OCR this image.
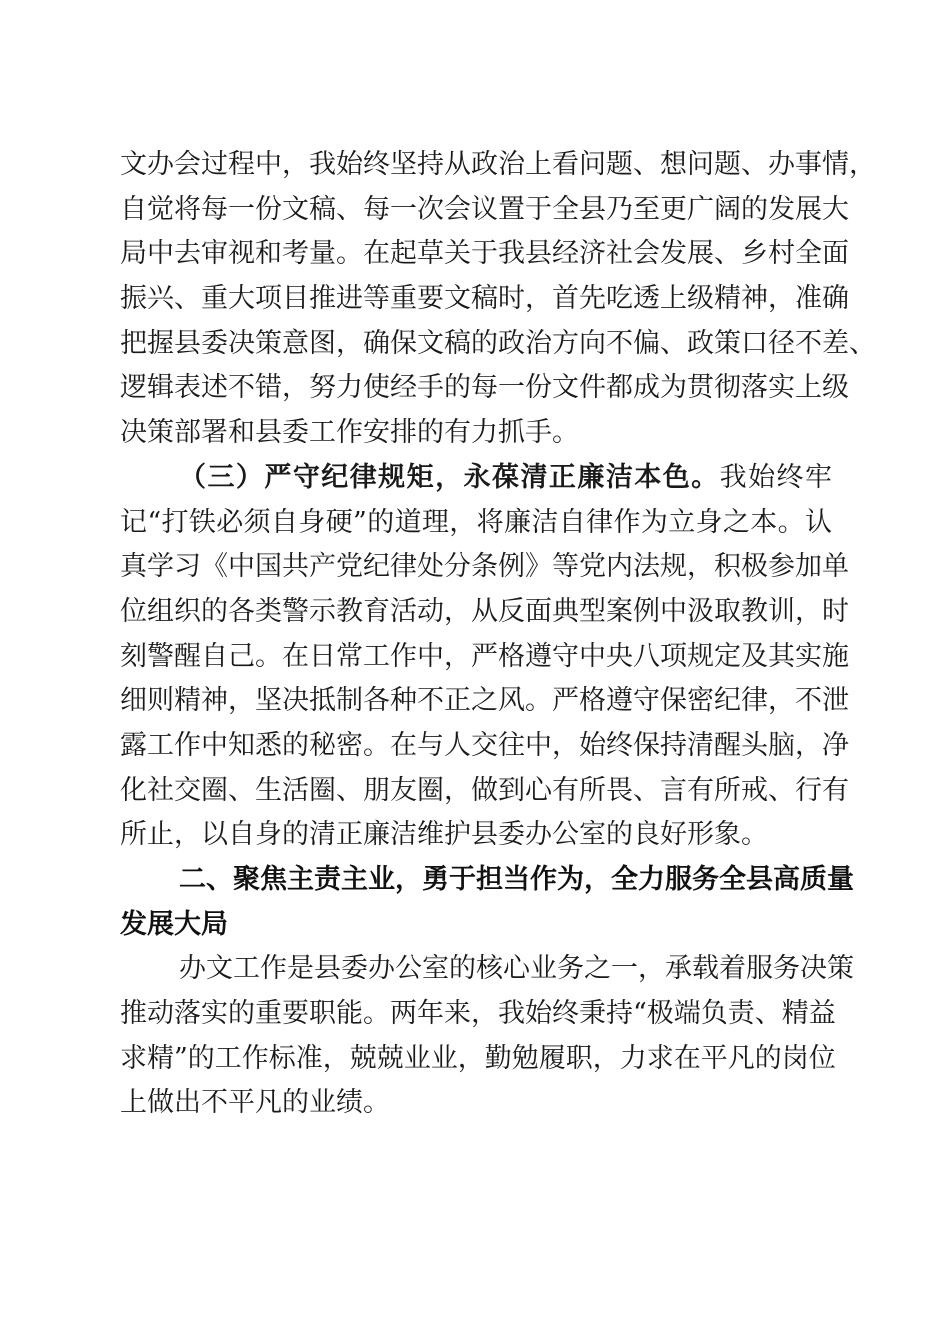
文办会过程中，我始终坚持从政治上看问题、想问题、办事情，
自觉将每一份文稿、每一次会议置于全县乃至更广阔的发展大
局中去审视和考量。在起草关于我县经济社会发展、乡村全面
振兴、重大项目推进等重要文稿时，首先吃透上级精神，准确
把握县委决策意图，确保文稿的政治方向不偏、政策口径不差、
逻辑表述不错，努力使经手的每一份文件都成为贯彻落实上级
决策部署和县委工作安排的有力抓手。
（三）严守纪律规矩，永葆清正廉洁本色。我始终牢
记“打铁必须自身硬”的道理，将廉洁自律作为立身之本。认
真学习《中国共产党纪律处分条例》等党内法规，积极参加单
位组织的各类警示教育活动，从反面典型案例中汲取教训，时
刻警醒自己。在日常工作中，严格遵守中央八项规定及其实施
细则精神，坚决抵制各种不正之风。严格遵守保密纪律，不泄
露工作中知悉的秘密。在与人交往中，始终保持清醒头脑，净
化社交圈、生活圈、朋友圈，做到心有所畏、言有所戒、行有
所止，以自身的清正廉洁维护县委办公室的良好形象。
二、聚焦主责主业，勇于担当作为，全力服务全县高质量
发展大局
办文工作是县委办公室的核心业务之一，承载着服务决策
推动落实的重要职能。两年来，我始终秉持“极端负责、精益
求精”的工作标准，兢兢业业，勤勉履职，力求在平凡的岗位
上做出不平凡的业绩。
